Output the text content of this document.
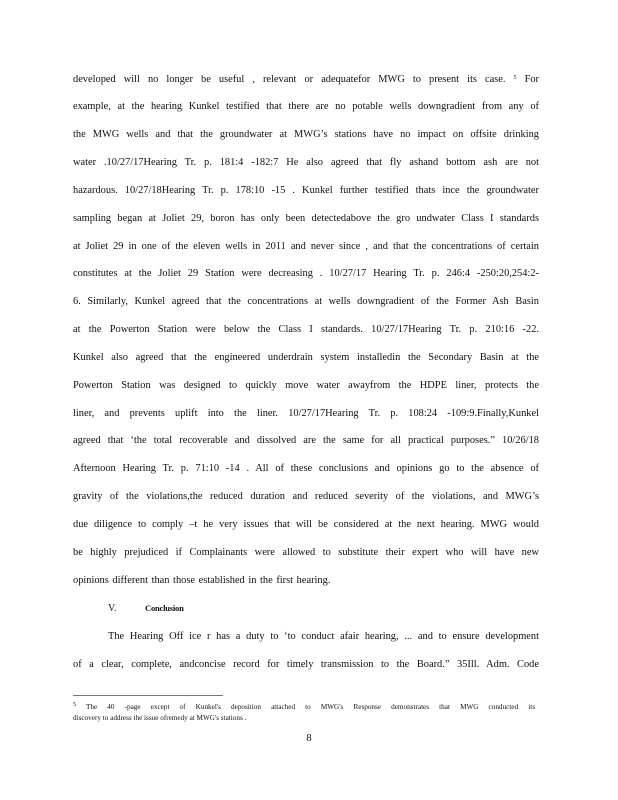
developed will no longer be useful , relevant or adequatefor MWG to present its case. $^5$ For
example, at the hearing Kunkel testified that there are no potable wells downgradient from any of
the MWG wells and that the groundwater at MWG’s stations have no impact on offsite drinking
water .10/27/17Hearing Tr. p. 181:4 -182:7 He also agreed that fly ashand bottom ash are not
hazardous. 10/27/18Hearing Tr. p. 178:10 -15 . Kunkel further testified thats ince the groundwater
sampling began at Joliet 29, boron has only been detectedabove the gro undwater Class I standards
at Joliet 29 in one of the eleven wells in 2011 and never since , and that the concentrations of certain
constitutes at the Joliet 29 Station were decreasing . 10/27/17 Hearing Tr. p. 246:4 -250:20,254:2-
6. Similarly, Kunkel agreed that the concentrations at wells downgradient of the Former Ash Basin
at the Powerton Station were below the Class I standards. 10/27/17Hearing Tr. p. 210:16 -22.
Kunkel also agreed that the engineered underdrain system installedin the Secondary Basin at the
Powerton Station was designed to quickly move water awayfrom the HDPE liner, protects the
liner, and prevents uplift into the liner. 10/27/17Hearing Tr. p. 108:24 -109:9.Finally,Kunkel
agreed that ‘the total recoverable and dissolved are the same for all practical purposes.” 10/26/18
Afternoon Hearing Tr. p. 71:10 -14 . All of these conclusions and opinions go to the absence of
gravity of the violations,the reduced duration and reduced severity of the violations, and MWG’s
due diligence to comply –t he very issues that will be considered at the next hearing. MWG would
be highly prejudiced if Complainants were allowed to substitute their expert who will have new
opinions different than those established in the first hearing.
V.	Conclusion
The Hearing Off ice r has a duty to ‘to conduct afair hearing, ... and to ensure development
of a clear, complete, andconcise record for timely transmission to the Board.” 35Ill. Adm. Code
$^5$ The 40 -page except of Kunkel's deposition attached to MWG's Response demonstrates that MWG conducted its
discovery to address the issue ofremedy at MWG's stations .
8
